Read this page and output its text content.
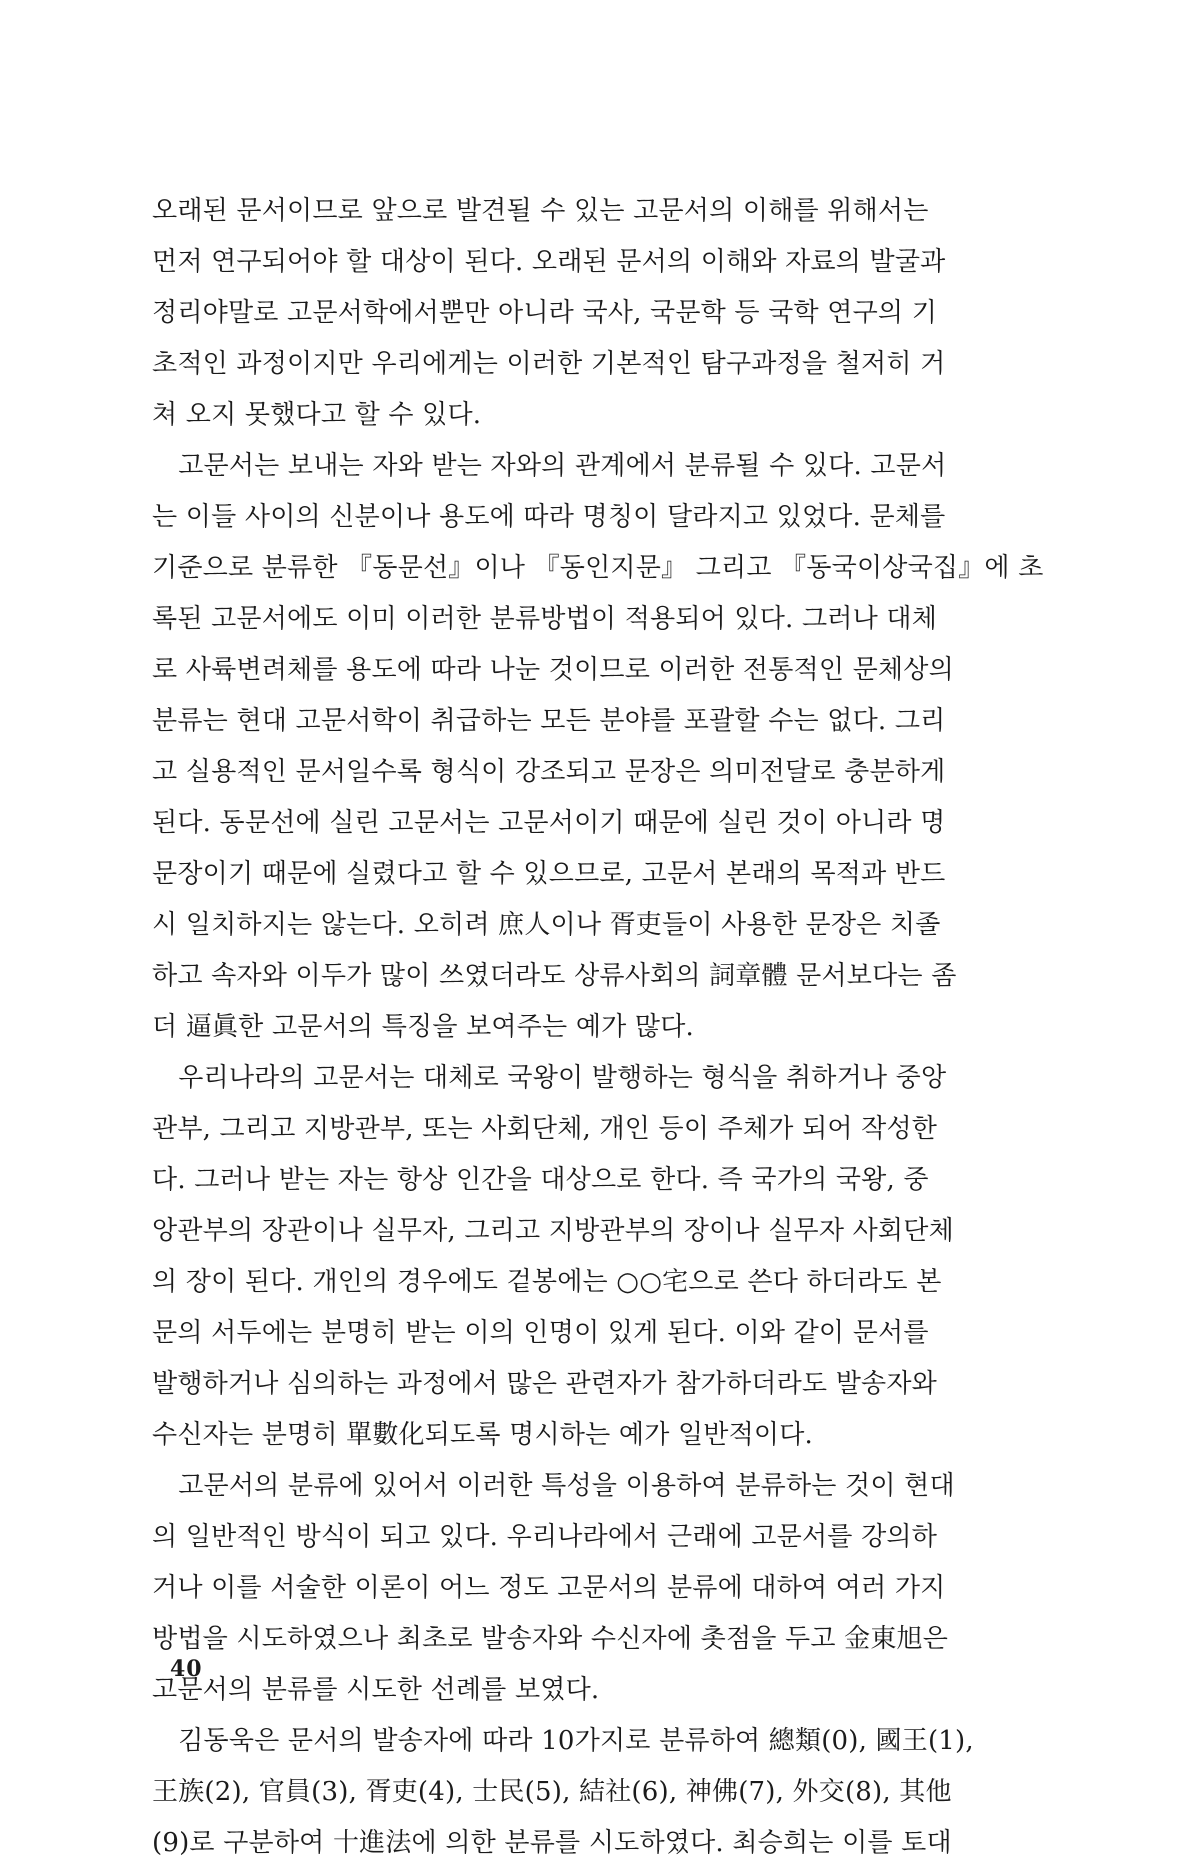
오래된 문서이므로 앞으로 발견될 수 있는 고문서의 이해를 위해서는
먼저 연구되어야 할 대상이 된다. 오래된 문서의 이해와 자료의 발굴과
정리야말로 고문서학에서뿐만 아니라 국사, 국문학 등 국학 연구의 기
초적인 과정이지만 우리에게는 이러한 기본적인 탐구과정을 철저히 거
쳐 오지 못했다고 할 수 있다.
　고문서는 보내는 자와 받는 자와의 관계에서 분류될 수 있다. 고문서
는 이들 사이의 신분이나 용도에 따라 명칭이 달라지고 있었다. 문체를
기준으로 분류한 『동문선』이나 『동인지문』 그리고 『동국이상국집』에 초
록된 고문서에도 이미 이러한 분류방법이 적용되어 있다. 그러나 대체
로 사륙변려체를 용도에 따라 나눈 것이므로 이러한 전통적인 문체상의
분류는 현대 고문서학이 취급하는 모든 분야를 포괄할 수는 없다. 그리
고 실용적인 문서일수록 형식이 강조되고 문장은 의미전달로 충분하게
된다. 동문선에 실린 고문서는 고문서이기 때문에 실린 것이 아니라 명
문장이기 때문에 실렸다고 할 수 있으므로, 고문서 본래의 목적과 반드
시 일치하지는 않는다. 오히려 庶人이나 胥吏들이 사용한 문장은 치졸
하고 속자와 이두가 많이 쓰였더라도 상류사회의 詞章體 문서보다는 좀
더 逼眞한 고문서의 특징을 보여주는 예가 많다.
　우리나라의 고문서는 대체로 국왕이 발행하는 형식을 취하거나 중앙
관부, 그리고 지방관부, 또는 사회단체, 개인 등이 주체가 되어 작성한
다. 그러나 받는 자는 항상 인간을 대상으로 한다. 즉 국가의 국왕, 중
앙관부의 장관이나 실무자, 그리고 지방관부의 장이나 실무자 사회단체
의 장이 된다. 개인의 경우에도 겉봉에는 ○○宅으로 쓴다 하더라도 본
문의 서두에는 분명히 받는 이의 인명이 있게 된다. 이와 같이 문서를
발행하거나 심의하는 과정에서 많은 관련자가 참가하더라도 발송자와
수신자는 분명히 單數化되도록 명시하는 예가 일반적이다.
　고문서의 분류에 있어서 이러한 특성을 이용하여 분류하는 것이 현대
의 일반적인 방식이 되고 있다. 우리나라에서 근래에 고문서를 강의하
거나 이를 서술한 이론이 어느 정도 고문서의 분류에 대하여 여러 가지
방법을 시도하였으나 최초로 발송자와 수신자에 촛점을 두고 金東旭은
고문서의 분류를 시도한 선례를 보였다.
　김동욱은 문서의 발송자에 따라 10가지로 분류하여 總類(0), 國王(1),
王族(2), 官員(3), 胥吏(4), 士民(5), 結社(6), 神佛(7), 外交(8), 其他
(9)로 구분하여 十進法에 의한 분류를 시도하였다. 최승희는 이를 토대
40
